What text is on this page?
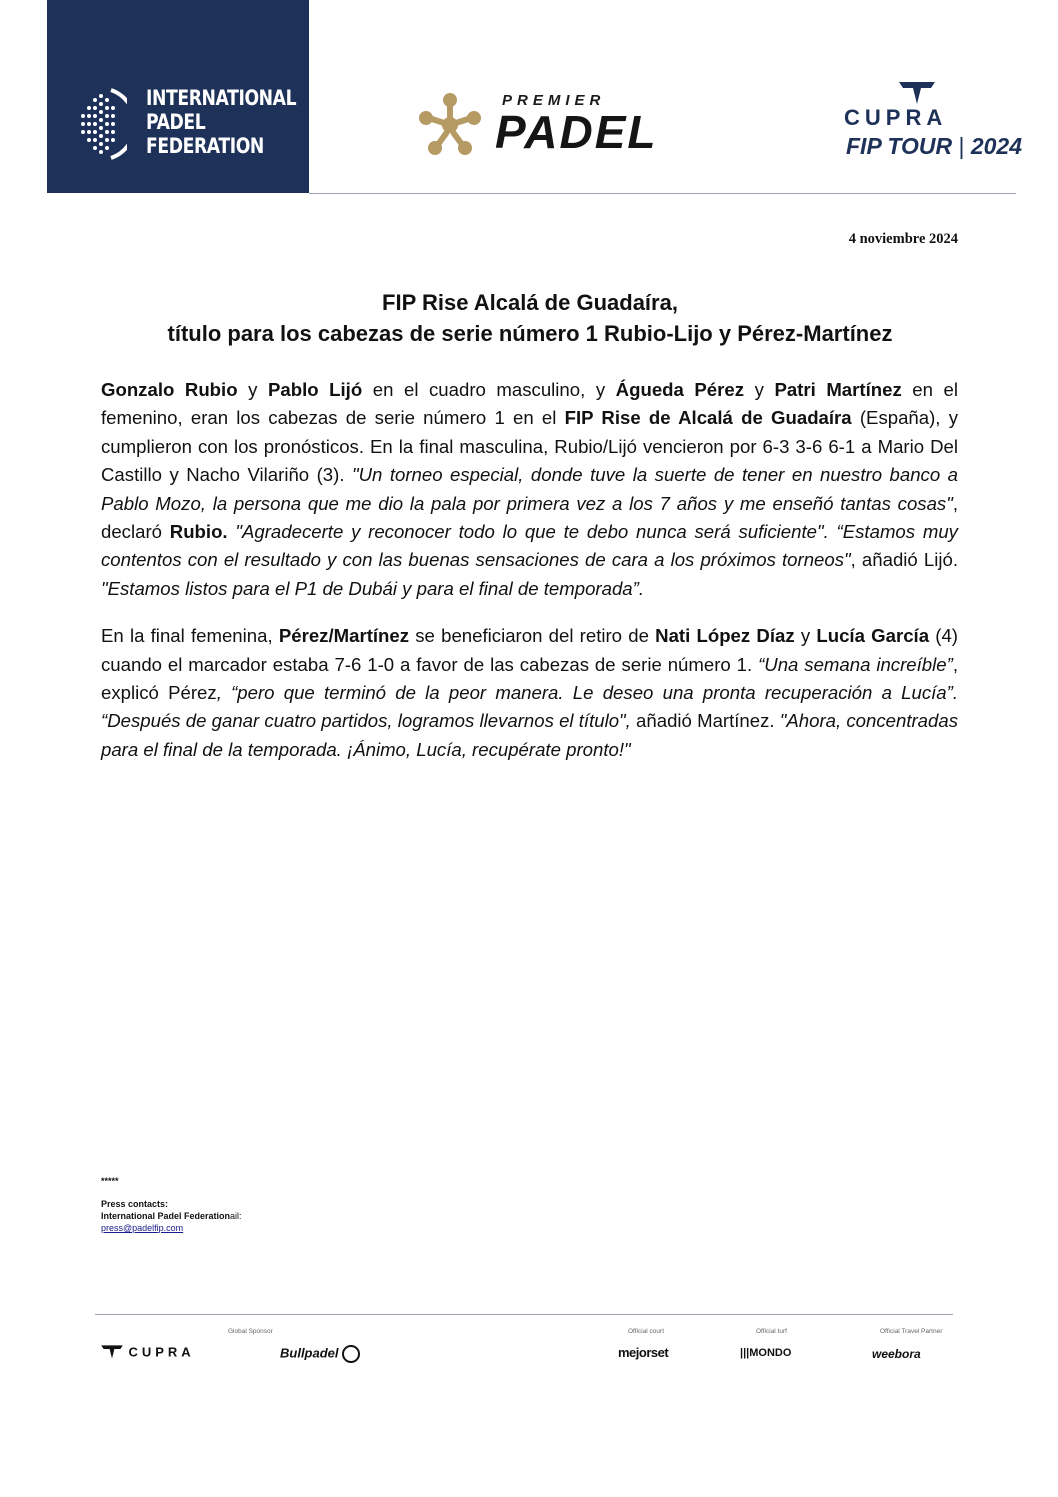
INTERNATIONAL
PADEL
FEDERATION
PREMIER
PADEL	CUPRA
FIP TOUR | 2024
4 noviembre 2024
FIP Rise Alcalá de Guadaíra,
título para los cabezas de serie número 1 Rubio-Lijo y Pérez-Martínez

Gonzalo Rubio y Pablo Lijó en el cuadro masculino, y Águeda Pérez y Patri Martínez en el femenino, eran los cabezas de serie número 1 en el FIP Rise de Alcalá de Guadaíra (España), y cumplieron con los pronósticos. En la final masculina, Rubio/Lijó vencieron por 6-3 3-6 6-1 a Mario Del Castillo y Nacho Vilariño (3). "Un torneo especial, donde tuve la suerte de tener en nuestro banco a Pablo Mozo, la persona que me dio la pala por primera vez a los 7 años y me enseñó tantas cosas", declaró Rubio. "Agradecerte y reconocer todo lo que te debo nunca será suficiente". “Estamos muy contentos con el resultado y con las buenas sensaciones de cara a los próximos torneos", añadió Lijó. "Estamos listos para el P1 de Dubái y para el final de temporada”.

En la final femenina, Pérez/Martínez se beneficiaron del retiro de Nati López Díaz y Lucía García (4) cuando el marcador estaba 7-6 1-0 a favor de las cabezas de serie número 1. “Una semana increíble”, explicó Pérez, “pero que terminó de la peor manera. Le deseo una pronta recuperación a Lucía”. “Después de ganar cuatro partidos, logramos llevarnos el título", añadió Martínez. "Ahora, concentradas para el final de la temporada. ¡Ánimo, Lucía, recupérate pronto!"

*****
Press contacts:
International Padel Federationail:
press@padelfip.com
Global Sponsor	Official court	Official turf	Official Travel Partner
CUPRA	Bullpadel	mejorset	|||MONDO	weebora
